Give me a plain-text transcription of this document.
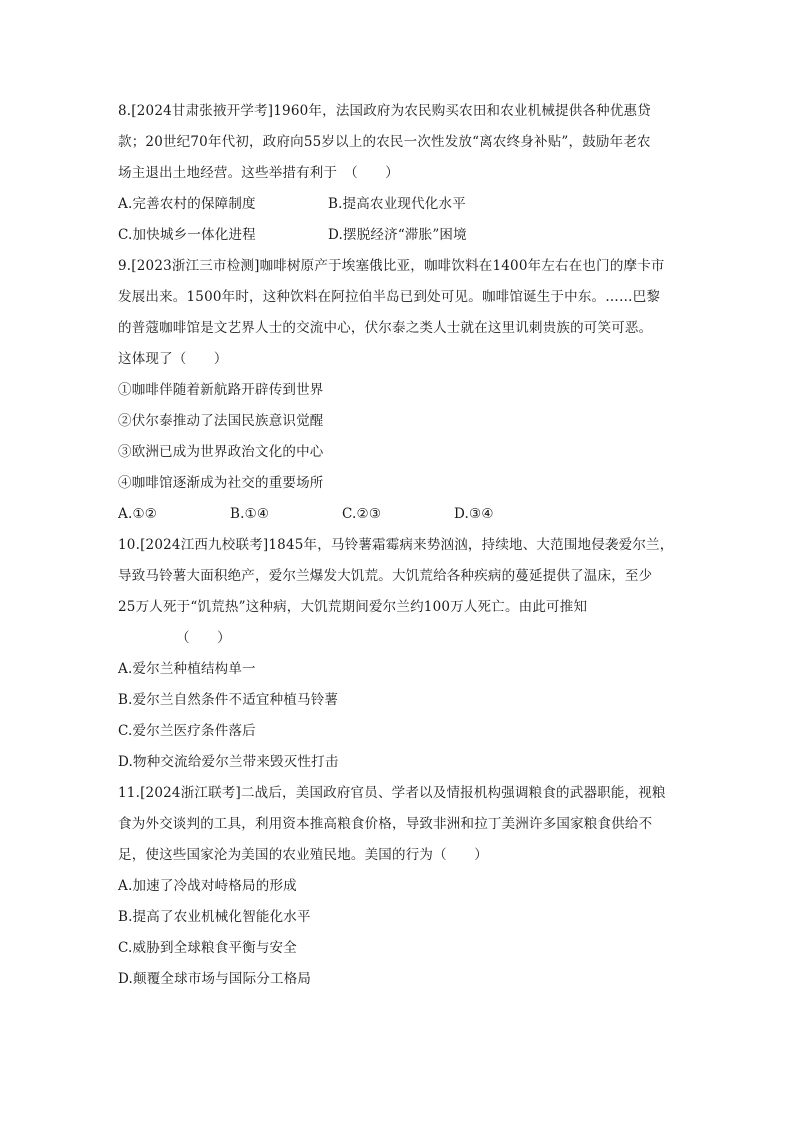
8.[2024甘肃张掖开学考]1960年，法国政府为农民购买农田和农业机械提供各种优惠贷
款；20世纪70年代初，政府向55岁以上的农民一次性发放“离农终身补贴”，鼓励年老农
场主退出土地经营。这些举措有利于　（　　）
A.完善农村的保障制度	B.提高农业现代化水平
C.加快城乡一体化进程	D.摆脱经济“滞胀”困境
9.[2023浙江三市检测]咖啡树原产于埃塞俄比亚，咖啡饮料在1400年左右在也门的摩卡市
发展出来。1500年时，这种饮料在阿拉伯半岛已到处可见。咖啡馆诞生于中东。……巴黎
的普蔻咖啡馆是文艺界人士的交流中心，伏尔泰之类人士就在这里讥刺贵族的可笑可恶。
这体现了（　　）
①咖啡伴随着新航路开辟传到世界
②伏尔泰推动了法国民族意识觉醒
③欧洲已成为世界政治文化的中心
④咖啡馆逐渐成为社交的重要场所
A.①②	B.①④	C.②③	D.③④
10.[2024江西九校联考]1845年，马铃薯霜霉病来势汹汹，持续地、大范围地侵袭爱尔兰，
导致马铃薯大面积绝产，爱尔兰爆发大饥荒。大饥荒给各种疾病的蔓延提供了温床，至少
25万人死于“饥荒热”这种病，大饥荒期间爱尔兰约100万人死亡。由此可推知
（　　）
A.爱尔兰种植结构单一
B.爱尔兰自然条件不适宜种植马铃薯
C.爱尔兰医疗条件落后
D.物种交流给爱尔兰带来毁灭性打击
11.[2024浙江联考]二战后，美国政府官员、学者以及情报机构强调粮食的武器职能，视粮
食为外交谈判的工具，利用资本推高粮食价格，导致非洲和拉丁美洲许多国家粮食供给不
足，使这些国家沦为美国的农业殖民地。美国的行为（　　）
A.加速了冷战对峙格局的形成
B.提高了农业机械化智能化水平
C.威胁到全球粮食平衡与安全
D.颠覆全球市场与国际分工格局
